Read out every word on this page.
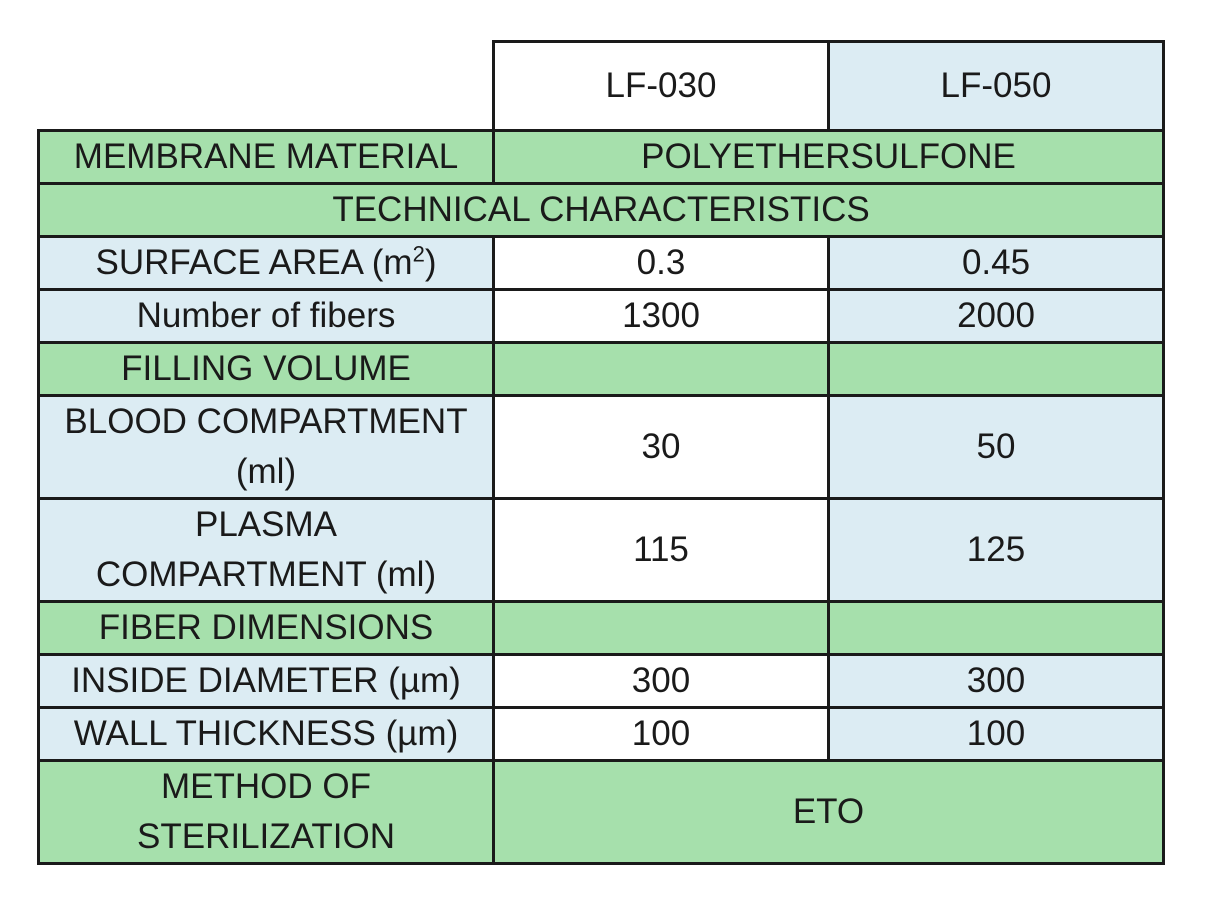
	LF-030	LF-050
MEMBRANE MATERIAL	POLYETHERSULFONE	
TECHNICAL CHARACTERISTICS		
SURFACE AREA $(m^2)$	0.3	0.45
Number of fibers	1300	2000
FILLING VOLUME		
BLOOD COMPARTMENT
(ml)	30	50
PLASMA
COMPARTMENT (ml)	115	125
FIBER DIMENSIONS		
INSIDE DIAMETER (µm)	300	300
WALL THICKNESS (µm)	100	100
METHOD OF
STERILIZATION	ETO	
